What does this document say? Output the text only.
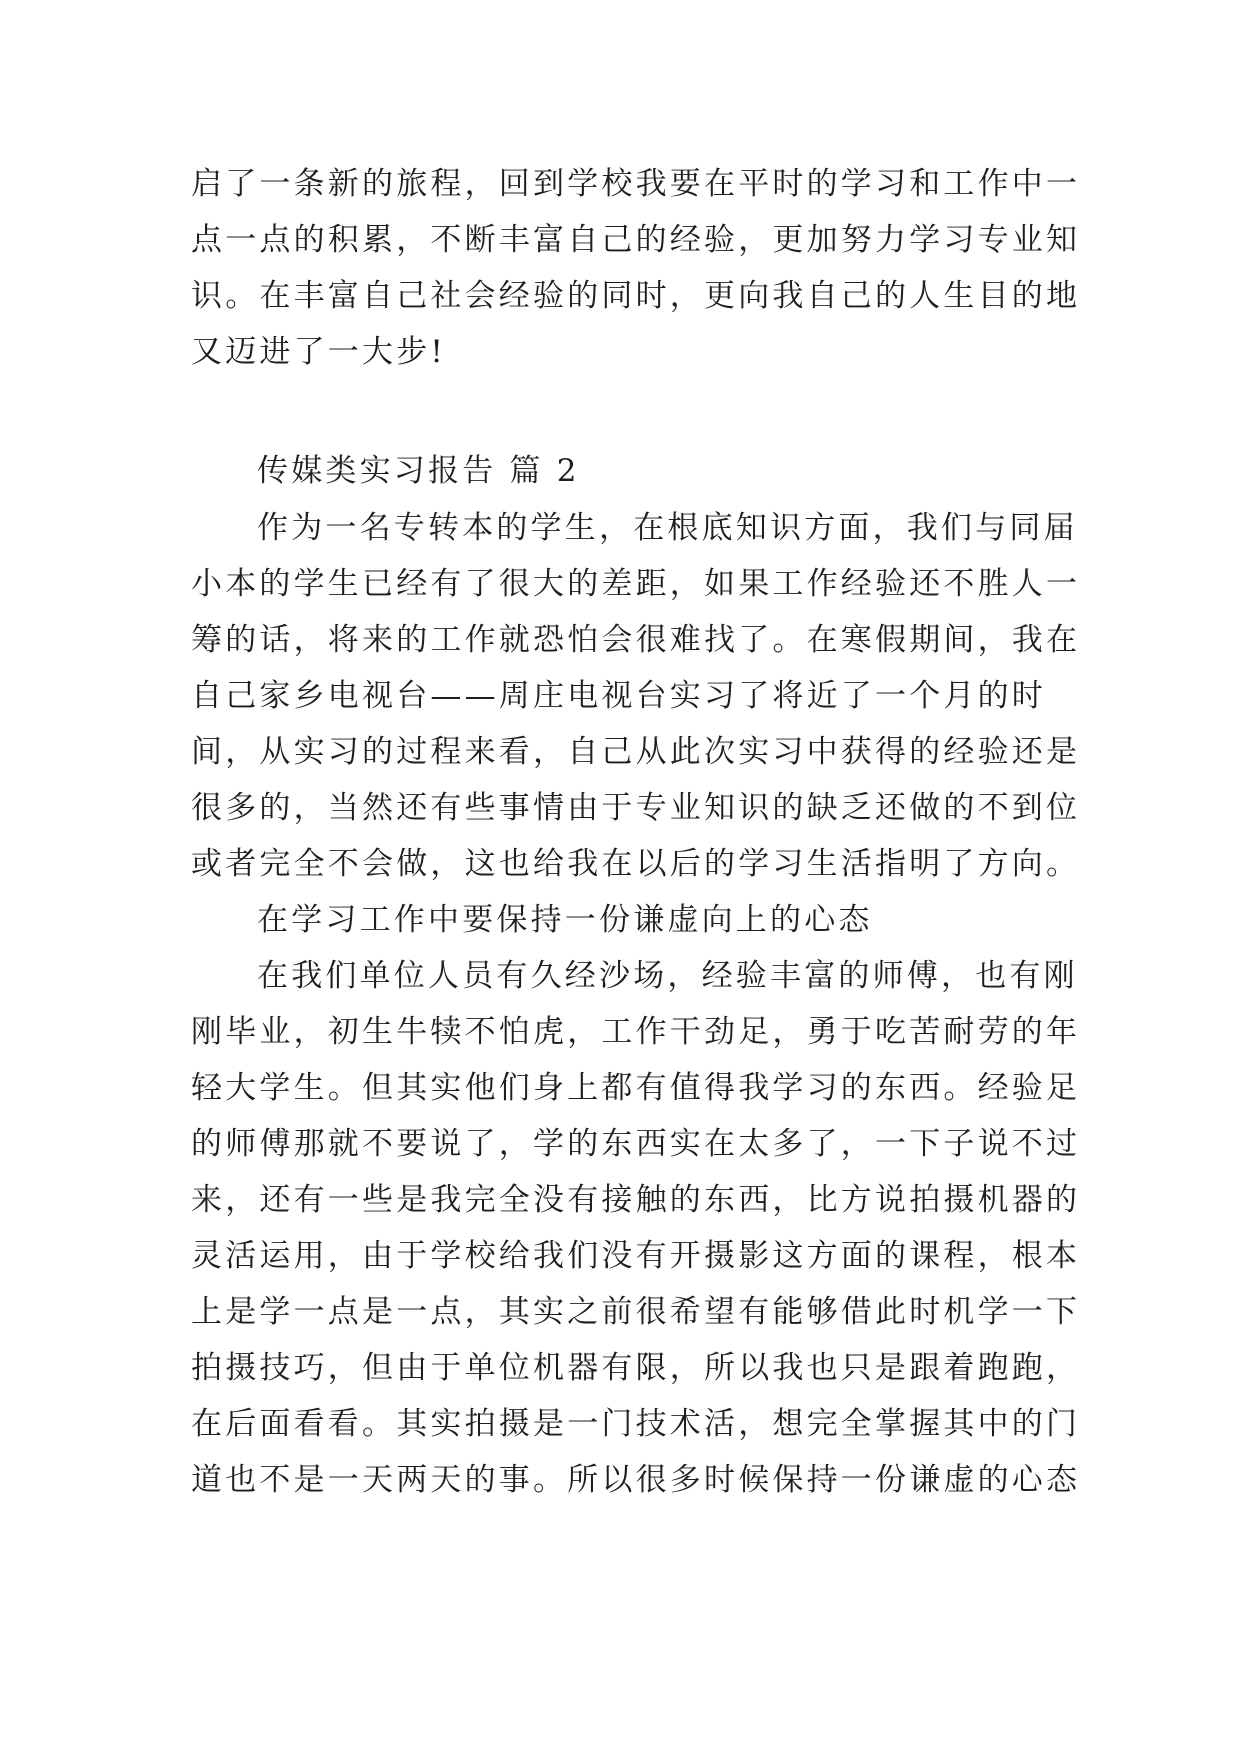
启了一条新的旅程，回到学校我要在平时的学习和工作中一
点一点的积累，不断丰富自己的经验，更加努力学习专业知
识。在丰富自己社会经验的同时，更向我自己的人生目的地
又迈进了一大步!
传媒类实习报告 篇 2
作为一名专转本的学生，在根底知识方面，我们与同届
小本的学生已经有了很大的差距，如果工作经验还不胜人一
筹的话，将来的工作就恐怕会很难找了。在寒假期间，我在
自己家乡电视台——周庄电视台实习了将近了一个月的时
间，从实习的过程来看，自己从此次实习中获得的经验还是
很多的，当然还有些事情由于专业知识的缺乏还做的不到位
或者完全不会做，这也给我在以后的学习生活指明了方向。
在学习工作中要保持一份谦虚向上的心态
在我们单位人员有久经沙场，经验丰富的师傅，也有刚
刚毕业，初生牛犊不怕虎，工作干劲足，勇于吃苦耐劳的年
轻大学生。但其实他们身上都有值得我学习的东西。经验足
的师傅那就不要说了，学的东西实在太多了，一下子说不过
来，还有一些是我完全没有接触的东西，比方说拍摄机器的
灵活运用，由于学校给我们没有开摄影这方面的课程，根本
上是学一点是一点，其实之前很希望有能够借此时机学一下
拍摄技巧，但由于单位机器有限，所以我也只是跟着跑跑，
在后面看看。其实拍摄是一门技术活，想完全掌握其中的门
道也不是一天两天的事。所以很多时候保持一份谦虚的心态
